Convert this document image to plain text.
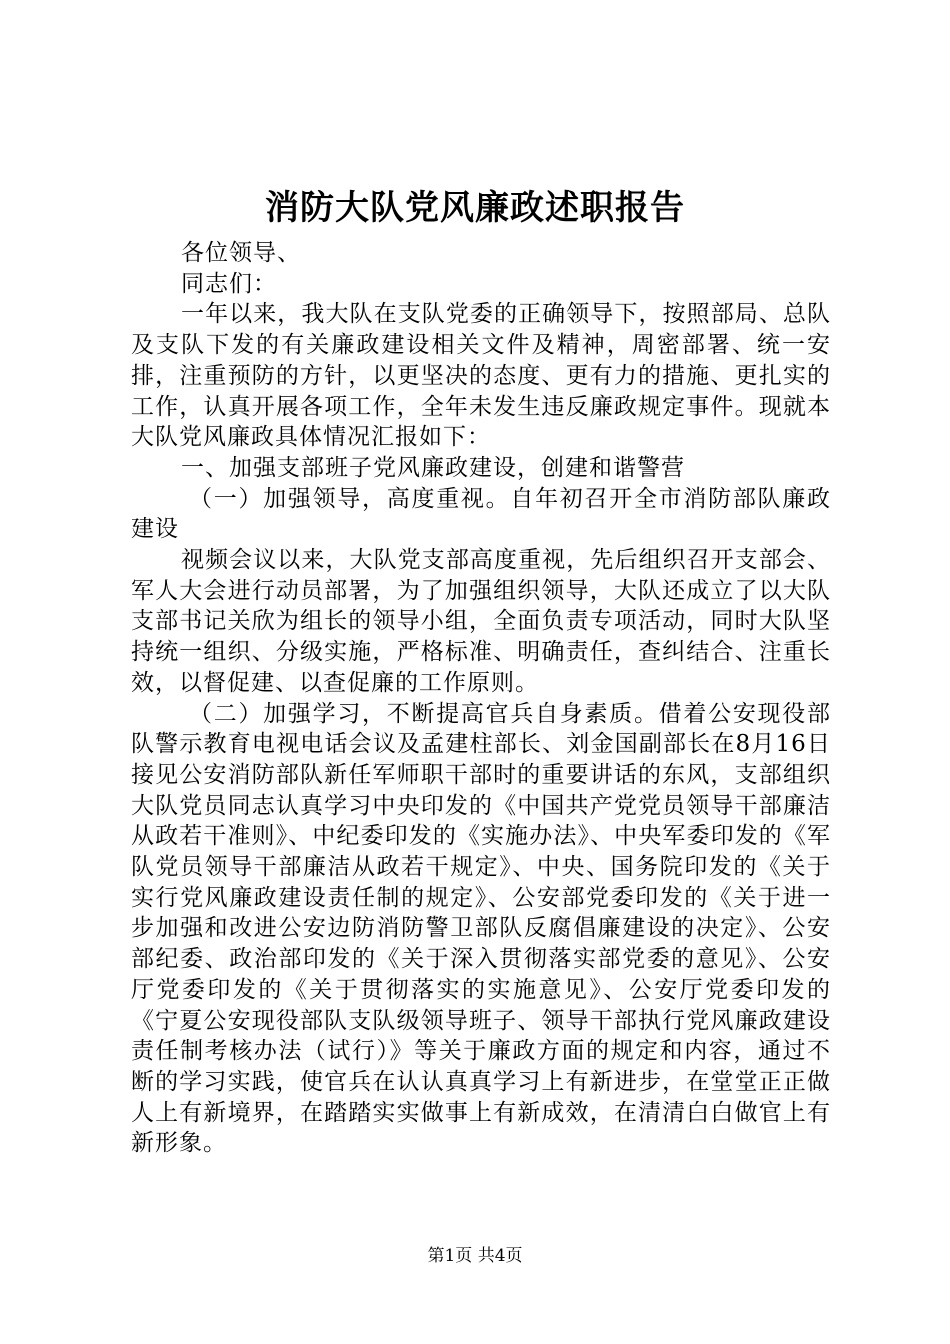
消防大队党风廉政述职报告

各位领导、

同志们：

一年以来，我大队在支队党委的正确领导下，按照部局、总队及支队下发的有关廉政建设相关文件及精神，周密部署、统一安排，注重预防的方针，以更坚决的态度、更有力的措施、更扎实的工作，认真开展各项工作，全年未发生违反廉政规定事件。现就本大队党风廉政具体情况汇报如下：

一、加强支部班子党风廉政建设，创建和谐警营

（一）加强领导，高度重视。自年初召开全市消防部队廉政建设

视频会议以来，大队党支部高度重视，先后组织召开支部会、军人大会进行动员部署，为了加强组织领导，大队还成立了以大队支部书记关欣为组长的领导小组，全面负责专项活动，同时大队坚持统一组织、分级实施，严格标准、明确责任，查纠结合、注重长效，以督促建、以查促廉的工作原则。

（二）加强学习，不断提高官兵自身素质。借着公安现役部队警示教育电视电话会议及孟建柱部长、刘金国副部长在8月16日接见公安消防部队新任军师职干部时的重要讲话的东风，支部组织大队党员同志认真学习中央印发的《中国共产党党员领导干部廉洁从政若干准则》、中纪委印发的《实施办法》、中央军委印发的《军队党员领导干部廉洁从政若干规定》、中央、国务院印发的《关于实行党风廉政建设责任制的规定》、公安部党委印发的《关于进一步加强和改进公安边防消防警卫部队反腐倡廉建设的决定》、公安部纪委、政治部印发的《关于深入贯彻落实部党委的意见》、公安厅党委印发的《关于贯彻落实的实施意见》、公安厅党委印发的《宁夏公安现役部队支队级领导班子、领导干部执行党风廉政建设责任制考核办法（试行）》等关于廉政方面的规定和内容，通过不断的学习实践，使官兵在认认真真学习上有新进步，在堂堂正正做人上有新境界，在踏踏实实做事上有新成效，在清清白白做官上有新形象。

第1页 共4页
